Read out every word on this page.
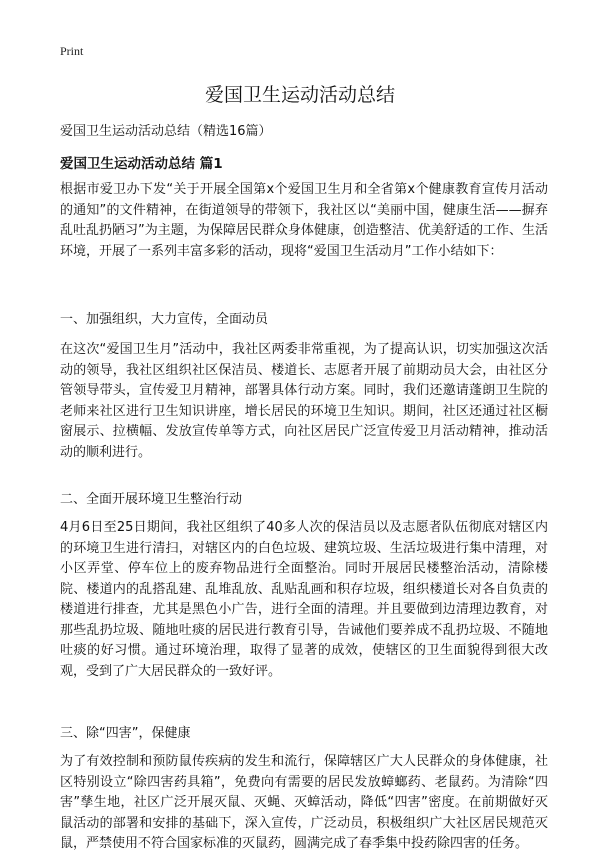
Print
爱国卫生运动活动总结

爱国卫生运动活动总结（精选16篇）

爱国卫生运动活动总结 篇1

根据市爱卫办下发“关于开展全国第x个爱国卫生月和全省第x个健康教育宣传月活动的通知”的文件精神，在街道领导的带领下，我社区以“美丽中国，健康生活——摒弃乱吐乱扔陋习”为主题，为保障居民群众身体健康，创造整洁、优美舒适的工作、生活环境，开展了一系列丰富多彩的活动，现将“爱国卫生活动月”工作小结如下：

一、加强组织，大力宣传，全面动员

在这次“爱国卫生月”活动中，我社区两委非常重视，为了提高认识，切实加强这次活动的领导，我社区组织社区保洁员、楼道长、志愿者开展了前期动员大会，由社区分管领导带头，宣传爱卫月精神，部署具体行动方案。同时，我们还邀请蓬朗卫生院的老师来社区进行卫生知识讲座，增长居民的环境卫生知识。期间，社区还通过社区橱窗展示、拉横幅、发放宣传单等方式，向社区居民广泛宣传爱卫月活动精神，推动活动的顺利进行。

二、全面开展环境卫生整治行动

4月6日至25日期间，我社区组织了40多人次的保洁员以及志愿者队伍彻底对辖区内的环境卫生进行清扫，对辖区内的白色垃圾、建筑垃圾、生活垃圾进行集中清理，对小区弄堂、停车位上的废弃物品进行全面整治。同时开展居民楼整治活动，清除楼院、楼道内的乱搭乱建、乱堆乱放、乱贴乱画和积存垃圾，组织楼道长对各自负责的楼道进行排查，尤其是黑色小广告，进行全面的清理。并且要做到边清理边教育，对那些乱扔垃圾、随地吐痰的居民进行教育引导，告诫他们要养成不乱扔垃圾、不随地吐痰的好习惯。通过环境治理，取得了显著的成效，使辖区的卫生面貌得到很大改观，受到了广大居民群众的一致好评。

三、除“四害”，保健康

为了有效控制和预防鼠传疾病的发生和流行，保障辖区广大人民群众的身体健康，社区特别设立“除四害药具箱”，免费向有需要的居民发放蟑螂药、老鼠药。为清除“四害”孳生地，社区广泛开展灭鼠、灭蝇、灭蟑活动，降低“四害”密度。在前期做好灭鼠活动的部署和安排的基础下，深入宣传，广泛动员，积极组织广大社区居民规范灭鼠，严禁使用不符合国家标准的灭鼠药，圆满完成了春季集中投药除四害的任务。
